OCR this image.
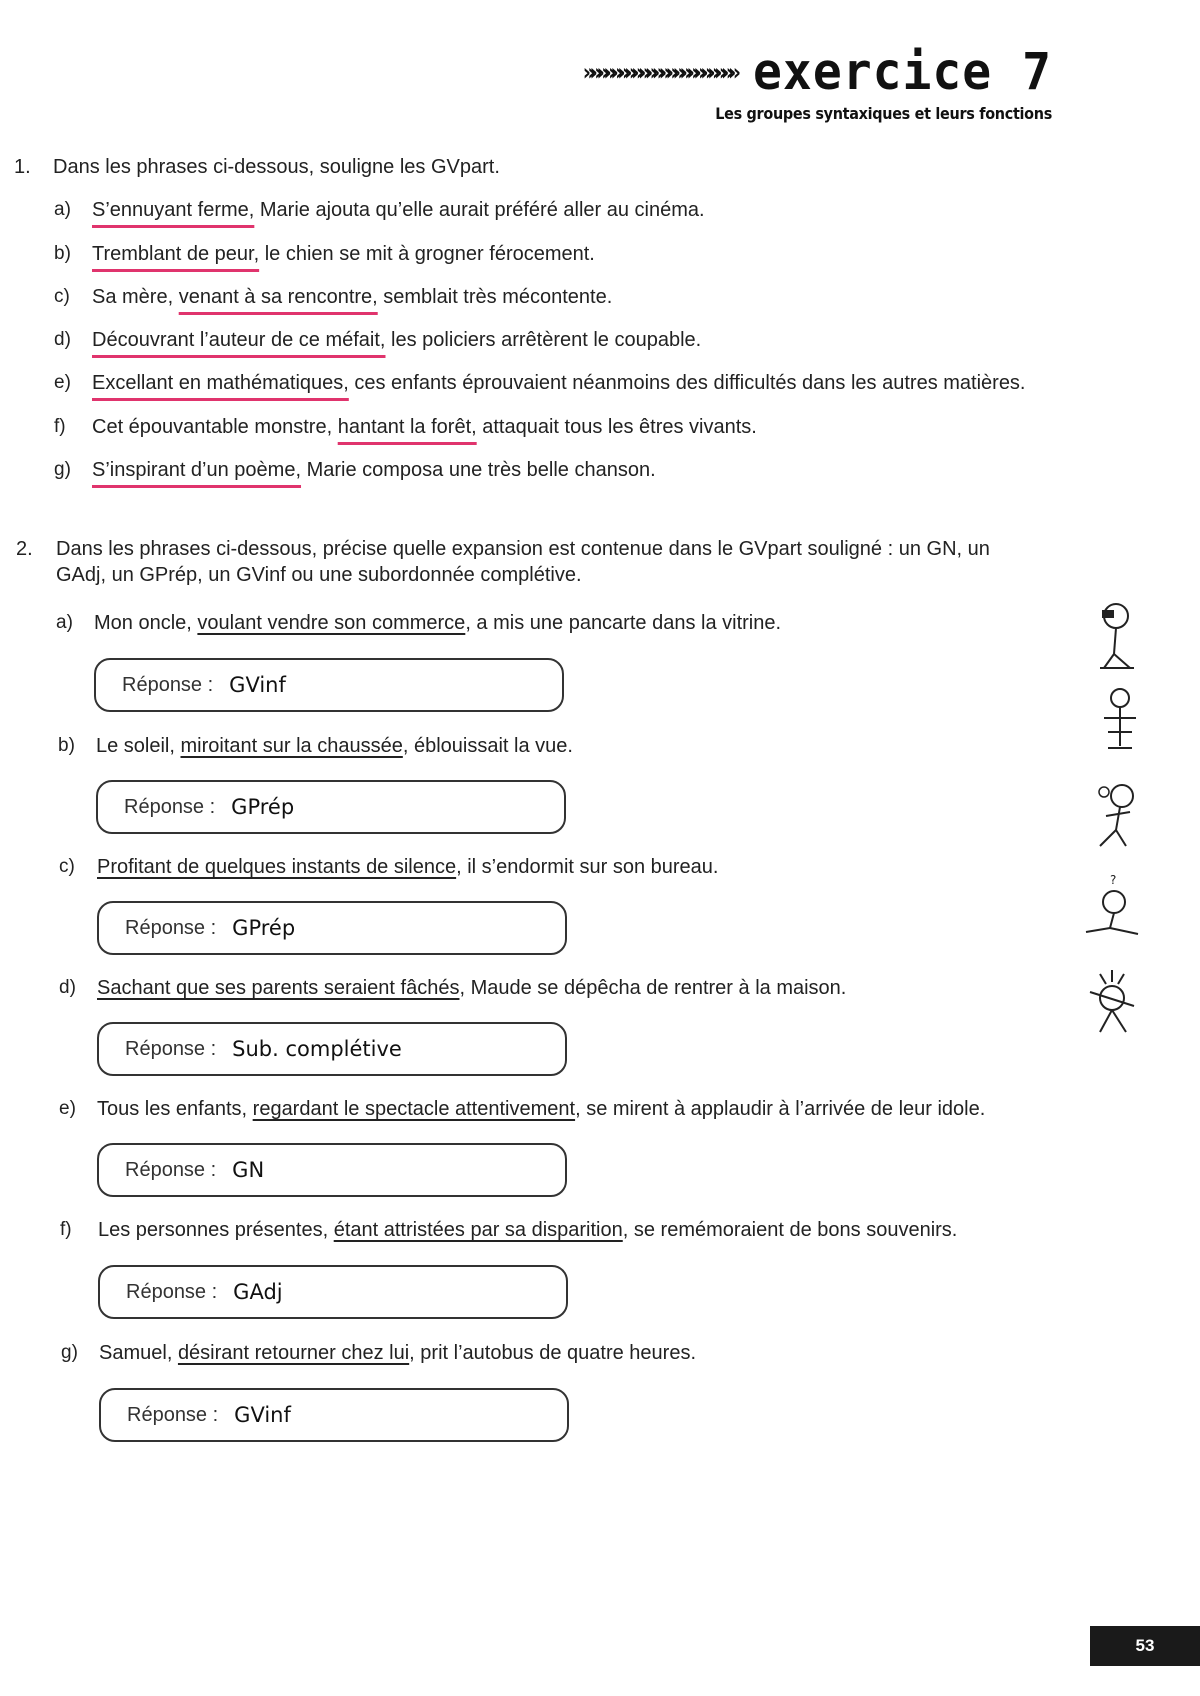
»»»»»»»»»»»»»»»»»»»»»» exercice 7
Les groupes syntaxiques et leurs fonctions
1. Dans les phrases ci-dessous, souligne les GVpart.
a) S’ennuyant ferme, Marie ajouta qu’elle aurait préféré aller au cinéma.
b) Tremblant de peur, le chien se mit à grogner férocement.
c) Sa mère, venant à sa rencontre, semblait très mécontente.
d) Découvrant l’auteur de ce méfait, les policiers arrêtèrent le coupable.
e) Excellant en mathématiques, ces enfants éprouvaient néanmoins des difficultés dans les autres matières.
f) Cet épouvantable monstre, hantant la forêt, attaquait tous les êtres vivants.
g) S’inspirant d’un poème, Marie composa une très belle chanson.
2. Dans les phrases ci-dessous, précise quelle expansion est contenue dans le GVpart souligné : un GN, un
GAdj, un GPrép, un GVinf ou une subordonnée complétive.
a) Mon oncle, voulant vendre son commerce, a mis une pancarte dans la vitrine.
Réponse : GVinf
b) Le soleil, miroitant sur la chaussée, éblouissait la vue.
Réponse : GPrép
c) Profitant de quelques instants de silence, il s’endormit sur son bureau.
Réponse : GPrép
d) Sachant que ses parents seraient fâchés, Maude se dépêcha de rentrer à la maison.
Réponse : Sub. complétive
e) Tous les enfants, regardant le spectacle attentivement, se mirent à applaudir à l’arrivée de leur idole.
Réponse : GN
f) Les personnes présentes, étant attristées par sa disparition, se remémoraient de bons souvenirs.
Réponse : GAdj
g) Samuel, désirant retourner chez lui, prit l’autobus de quatre heures.
Réponse : GVinf
?
53
